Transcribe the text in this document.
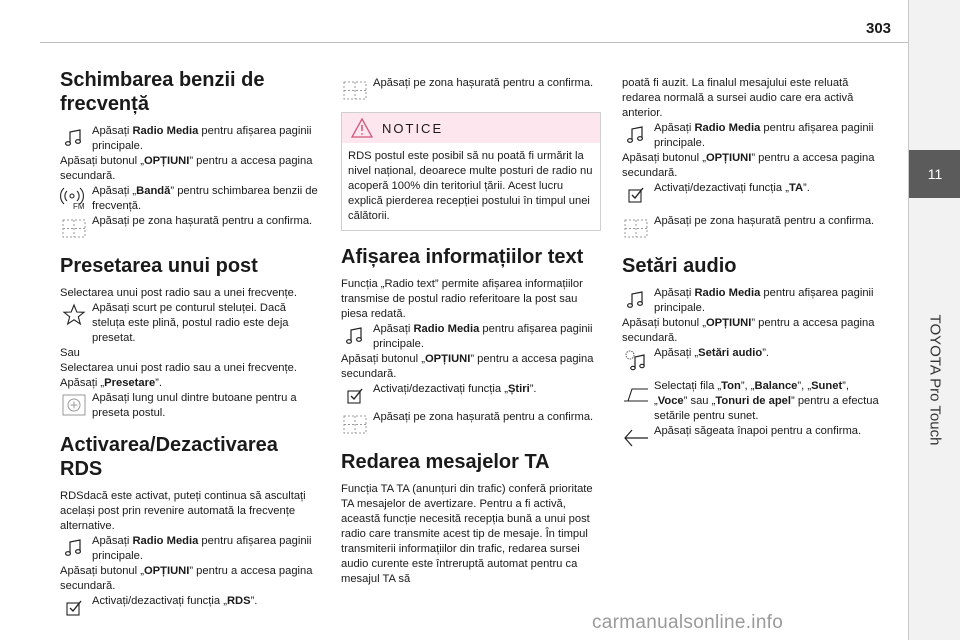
303
11
TOYOTA Pro Touch
Schimbarea benzii de frecvență

Apăsați Radio Media pentru afișarea paginii principale.

Apăsați butonul „OPȚIUNI” pentru a accesa pagina secundară.

FM

Apăsați „Bandă” pentru schimbarea benzii de frecvență.

Apăsați pe zona hașurată pentru a confirma.

Presetarea unui post

Selectarea unui post radio sau a unei frecvențe.

Apăsați scurt pe conturul steluței. Dacă steluța este plină, postul radio este deja presetat.

Sau

Selectarea unui post radio sau a unei frecvențe.

Apăsați „Presetare”.

Apăsați lung unul dintre butoane pentru a preseta postul.

Activarea/Dezactivarea RDS

RDSdacă este activat, puteți continua să ascultați același post prin revenire automată la frecvențe alternative.

Apăsați Radio Media pentru afișarea paginii principale.

Apăsați butonul „OPȚIUNI” pentru a accesa pagina secundară.

Activați/dezactivați funcția „RDS”.

Apăsați pe zona hașurată pentru a confirma.

NOTICE
RDS postul este posibil să nu poată fi urmărit la nivel național, deoarece multe posturi de radio nu acoperă 100% din teritoriul țării. Acest lucru explică pierderea recepției postului în timpul unei călătorii.
Afișarea informațiilor text

Funcția „Radio text” permite afișarea informațiilor transmise de postul radio referitoare la post sau piesa redată.

Apăsați Radio Media pentru afișarea paginii principale.

Apăsați butonul „OPȚIUNI” pentru a accesa pagina secundară.

Activați/dezactivați funcția „Știri”.

Apăsați pe zona hașurată pentru a confirma.

Redarea mesajelor TA

Funcția TA TA (anunțuri din trafic) conferă prioritate TA mesajelor de avertizare. Pentru a fi activă, această funcție necesită recepția bună a unui post radio care transmite acest tip de mesaje. În timpul transmiterii informațiilor din trafic, redarea sursei audio curente este întreruptă automat pentru ca mesajul TA să

poată fi auzit. La finalul mesajului este reluată redarea normală a sursei audio care era activă anterior.

Apăsați Radio Media pentru afișarea paginii principale.

Apăsați butonul „OPȚIUNI” pentru a accesa pagina secundară.

Activați/dezactivați funcția „TA”.

Apăsați pe zona hașurată pentru a confirma.

Setări audio

Apăsați Radio Media pentru afișarea paginii principale.

Apăsați butonul „OPȚIUNI” pentru a accesa pagina secundară.

Apăsați „Setări audio”.

Selectați fila „Ton”, „Balance”, „Sunet”, „Voce” sau „Tonuri de apel” pentru a efectua setările pentru sunet.

Apăsați săgeata înapoi pentru a confirma.

carmanualsonline.info
